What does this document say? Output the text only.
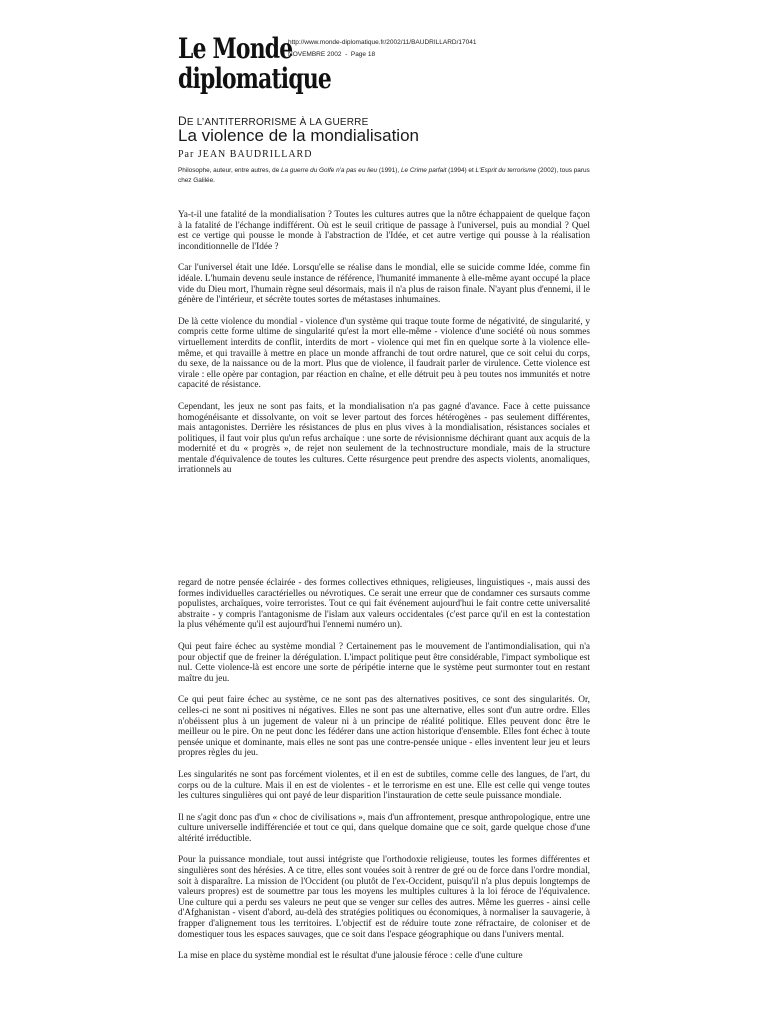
Le Monde
diplomatique
http://www.monde-diplomatique.fr/2002/11/BAUDRILLARD/17041
NOVEMBRE 2002  -  Page 18
DE L’ANTITERRORISME À LA GUERRE
La violence de la mondialisation
Par JEAN BAUDRILLARD
Philosophe, auteur, entre autres, de La guerre du Golfe n'a pas eu lieu (1991), Le Crime parfait (1994) et L'Esprit du terrorisme (2002), tous parus chez Galilée.

Ya-t-il une fatalité de la mondialisation ? Toutes les cultures autres que la nôtre échappaient de quelque façon à la fatalité de l'échange indifférent. Où est le seuil critique de passage à l'universel, puis au mondial ? Quel est ce vertige qui pousse le monde à l'abstraction de l'Idée, et cet autre vertige qui pousse à la réalisation inconditionnelle de l'Idée ?

Car l'universel était une Idée. Lorsqu'elle se réalise dans le mondial, elle se suicide comme Idée, comme fin idéale. L'humain devenu seule instance de référence, l'humanité immanente à elle-même ayant occupé la place vide du Dieu mort, l'humain règne seul désormais, mais il n'a plus de raison finale. N'ayant plus d'ennemi, il le génère de l'intérieur, et sécrète toutes sortes de métastases inhumaines.

De là cette violence du mondial - violence d'un système qui traque toute forme de négativité, de singularité, y compris cette forme ultime de singularité qu'est la mort elle-même - violence d'une société où nous sommes virtuellement interdits de conflit, interdits de mort - violence qui met fin en quelque sorte à la violence elle-même, et qui travaille à mettre en place un monde affranchi de tout ordre naturel, que ce soit celui du corps, du sexe, de la naissance ou de la mort. Plus que de violence, il faudrait parler de virulence. Cette violence est virale : elle opère par contagion, par réaction en chaîne, et elle détruit peu à peu toutes nos immunités et notre capacité de résistance.

Cependant, les jeux ne sont pas faits, et la mondialisation n'a pas gagné d'avance. Face à cette puissance homogénéisante et dissolvante, on voit se lever partout des forces hétérogènes - pas seulement différentes, mais antagonistes. Derrière les résistances de plus en plus vives à la mondialisation, résistances sociales et politiques, il faut voir plus qu'un refus archaïque : une sorte de révisionnisme déchirant quant aux acquis de la modernité et du « progrès », de rejet non seulement de la technostructure mondiale, mais de la structure mentale d'équivalence de toutes les cultures. Cette résurgence peut prendre des aspects violents, anomaliques, irrationnels au

regard de notre pensée éclairée - des formes collectives ethniques, religieuses, linguistiques -, mais aussi des formes individuelles caractérielles ou névrotiques. Ce serait une erreur que de condamner ces sursauts comme populistes, archaïques, voire terroristes. Tout ce qui fait événement aujourd'hui le fait contre cette universalité abstraite - y compris l'antagonisme de l'islam aux valeurs occidentales (c'est parce qu'il en est la contestation la plus véhémente qu'il est aujourd'hui l'ennemi numéro un).

Qui peut faire échec au système mondial ? Certainement pas le mouvement de l'antimondialisation, qui n'a pour objectif que de freiner la dérégulation. L'impact politique peut être considérable, l'impact symbolique est nul. Cette violence-là est encore une sorte de péripétie interne que le système peut surmonter tout en restant maître du jeu.

Ce qui peut faire échec au système, ce ne sont pas des alternatives positives, ce sont des singularités. Or, celles-ci ne sont ni positives ni négatives. Elles ne sont pas une alternative, elles sont d'un autre ordre. Elles n'obéissent plus à un jugement de valeur ni à un principe de réalité politique. Elles peuvent donc être le meilleur ou le pire. On ne peut donc les fédérer dans une action historique d'ensemble. Elles font échec à toute pensée unique et dominante, mais elles ne sont pas une contre-pensée unique - elles inventent leur jeu et leurs propres règles du jeu.

Les singularités ne sont pas forcément violentes, et il en est de subtiles, comme celle des langues, de l'art, du corps ou de la culture. Mais il en est de violentes - et le terrorisme en est une. Elle est celle qui venge toutes les cultures singulières qui ont payé de leur disparition l'instauration de cette seule puissance mondiale.

Il ne s'agit donc pas d'un « choc de civilisations », mais d'un affrontement, presque anthropologique, entre une culture universelle indifférenciée et tout ce qui, dans quelque domaine que ce soit, garde quelque chose d'une altérité irréductible.

Pour la puissance mondiale, tout aussi intégriste que l'orthodoxie religieuse, toutes les formes différentes et singulières sont des hérésies. A ce titre, elles sont vouées soit à rentrer de gré ou de force dans l'ordre mondial, soit à disparaître. La mission de l'Occident (ou plutôt de l'ex-Occident, puisqu'il n'a plus depuis longtemps de valeurs propres) est de soumettre par tous les moyens les multiples cultures à la loi féroce de l'équivalence. Une culture qui a perdu ses valeurs ne peut que se venger sur celles des autres. Même les guerres - ainsi celle d'Afghanistan - visent d'abord, au-delà des stratégies politiques ou économiques, à normaliser la sauvagerie, à frapper d'alignement tous les territoires. L'objectif est de réduire toute zone réfractaire, de coloniser et de domestiquer tous les espaces sauvages, que ce soit dans l'espace géographique ou dans l'univers mental.

La mise en place du système mondial est le résultat d'une jalousie féroce : celle d'une culture
